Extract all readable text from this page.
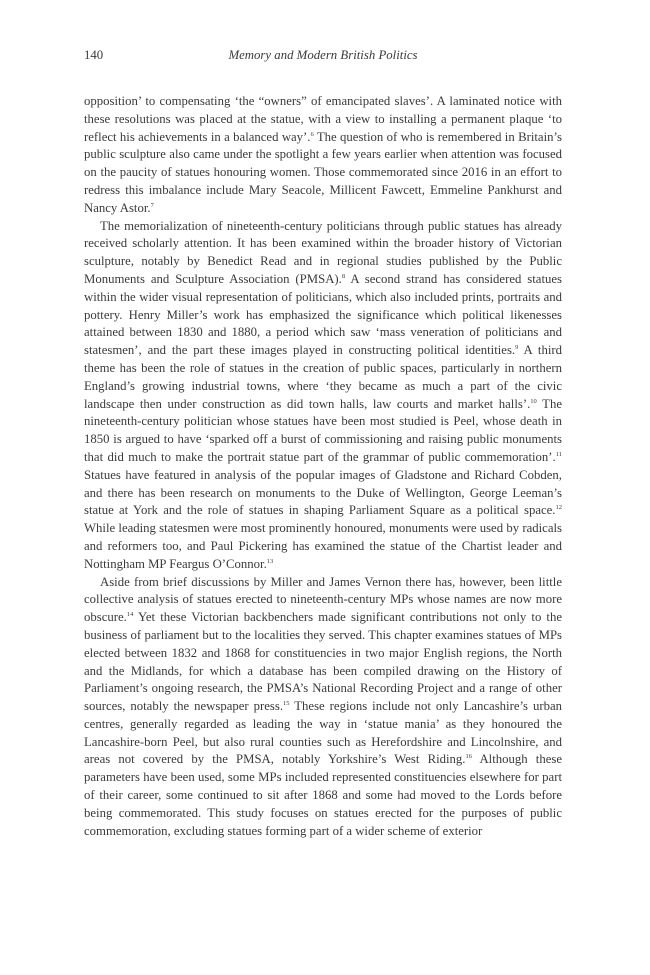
140	Memory and Modern British Politics

opposition’ to compensating ‘the “owners” of emancipated slaves’. A laminated notice with these resolutions was placed at the statue, with a view to installing a permanent plaque ‘to reflect his achievements in a balanced way’.$^6$ The question of who is remembered in Britain’s public sculpture also came under the spotlight a few years earlier when attention was focused on the paucity of statues honouring women. Those commemorated since 2016 in an effort to redress this imbalance include Mary Seacole, Millicent Fawcett, Emmeline Pankhurst and Nancy Astor.$^7$

The memorialization of nineteenth-century politicians through public statues has already received scholarly attention. It has been examined within the broader history of Victorian sculpture, notably by Benedict Read and in regional studies published by the Public Monuments and Sculpture Association (PMSA).$^8$ A second strand has considered statues within the wider visual representation of politicians, which also included prints, portraits and pottery. Henry Miller’s work has emphasized the significance which political likenesses attained between 1830 and 1880, a period which saw ‘mass veneration of politicians and statesmen’, and the part these images played in constructing political identities.$^9$ A third theme has been the role of statues in the creation of public spaces, particularly in northern England’s growing industrial towns, where ‘they became as much a part of the civic landscape then under construction as did town halls, law courts and market halls’.$^{10}$ The nineteenth-century politician whose statues have been most studied is Peel, whose death in 1850 is argued to have ‘sparked off a burst of commissioning and raising public monuments that did much to make the portrait statue part of the grammar of public commemoration’.$^{11}$ Statues have featured in analysis of the popular images of Gladstone and Richard Cobden, and there has been research on monuments to the Duke of Wellington, George Leeman’s statue at York and the role of statues in shaping Parliament Square as a political space.$^{12}$ While leading statesmen were most prominently honoured, monuments were used by radicals and reformers too, and Paul Pickering has examined the statue of the Chartist leader and Nottingham MP Feargus O’Connor.$^{13}$

Aside from brief discussions by Miller and James Vernon there has, however, been little collective analysis of statues erected to nineteenth-century MPs whose names are now more obscure.$^{14}$ Yet these Victorian backbenchers made significant contributions not only to the business of parliament but to the localities they served. This chapter examines statues of MPs elected between 1832 and 1868 for constituencies in two major English regions, the North and the Midlands, for which a database has been compiled drawing on the History of Parliament’s ongoing research, the PMSA’s National Recording Project and a range of other sources, notably the newspaper press.$^{15}$ These regions include not only Lancashire’s urban centres, generally regarded as leading the way in ‘statue mania’ as they honoured the Lancashire-born Peel, but also rural counties such as Herefordshire and Lincolnshire, and areas not covered by the PMSA, notably Yorkshire’s West Riding.$^{16}$ Although these parameters have been used, some MPs included represented constituencies elsewhere for part of their career, some continued to sit after 1868 and some had moved to the Lords before being commemorated. This study focuses on statues erected for the purposes of public commemoration, excluding statues forming part of a wider scheme of exterior
